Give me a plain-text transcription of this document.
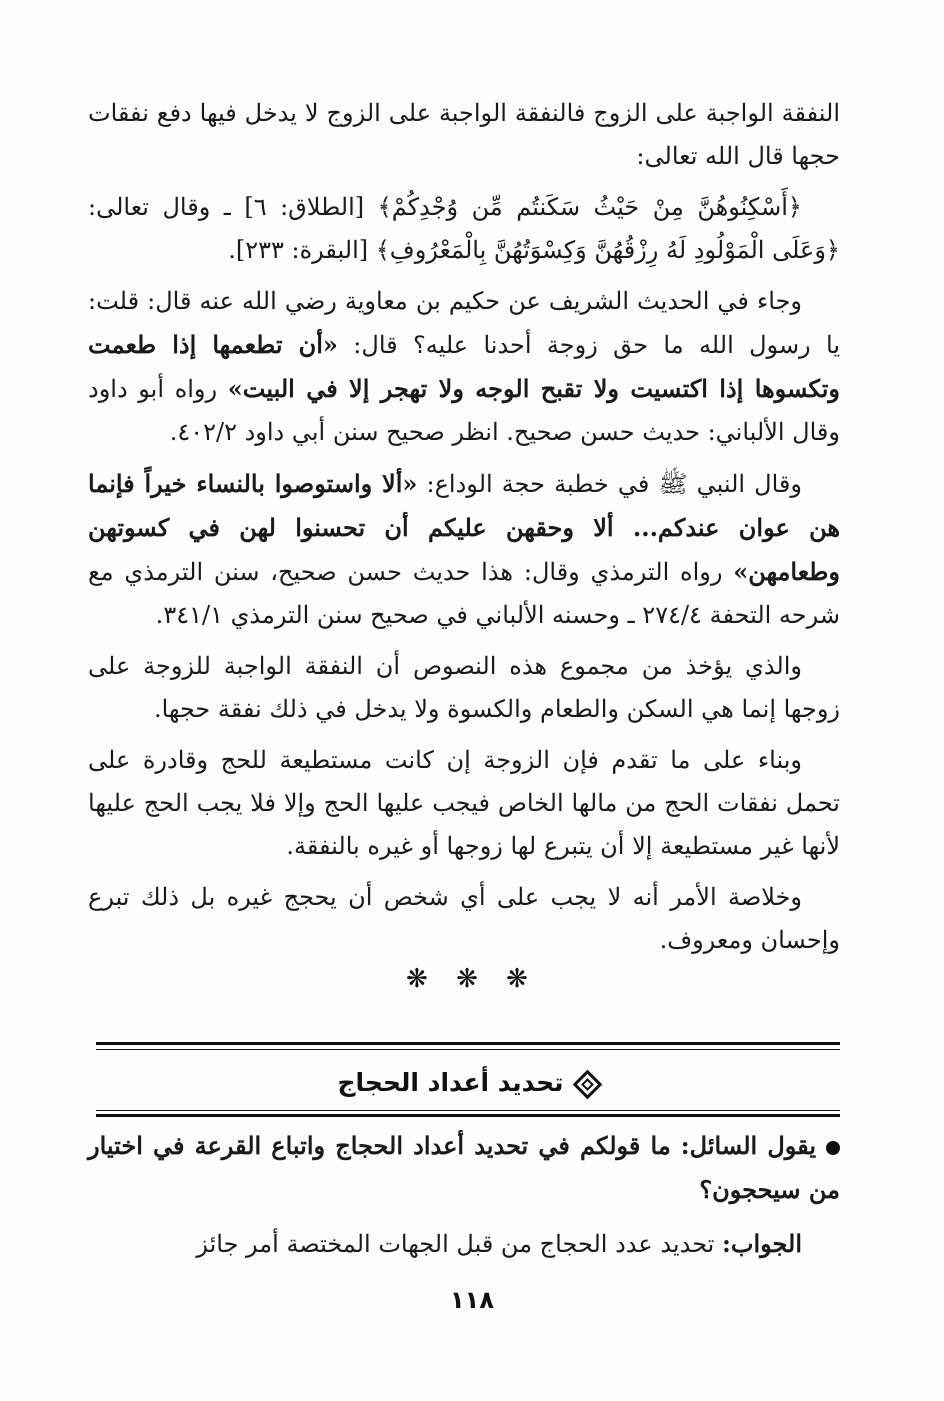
النفقة الواجبة على الزوج فالنفقة الواجبة على الزوج لا يدخل فيها دفع نفقات حجها قال الله تعالى:

﴿أَسْكِنُوهُنَّ مِنْ حَيْثُ سَكَنتُم مِّن وُجْدِكُمْ﴾ [الطلاق: ٦] ـ وقال تعالى: ﴿وَعَلَى الْمَوْلُودِ لَهُ رِزْقُهُنَّ وَكِسْوَتُهُنَّ بِالْمَعْرُوفِ﴾ [البقرة: ٢٣٣].

وجاء في الحديث الشريف عن حكيم بن معاوية رضي الله عنه قال: قلت: يا رسول الله ما حق زوجة أحدنا عليه؟ قال: «أن تطعمها إذا طعمت وتكسوها إذا اكتسيت ولا تقبح الوجه ولا تهجر إلا في البيت» رواه أبو داود وقال الألباني: حديث حسن صحيح. انظر صحيح سنن أبي داود ٤٠٢/٢.

وقال النبي ﷺ في خطبة حجة الوداع: «ألا واستوصوا بالنساء خيراً فإنما هن عوان عندكم... ألا وحقهن عليكم أن تحسنوا لهن في كسوتهن وطعامهن» رواه الترمذي وقال: هذا حديث حسن صحيح، سنن الترمذي مع شرحه التحفة ٢٧٤/٤ ـ وحسنه الألباني في صحيح سنن الترمذي ٣٤١/١.

والذي يؤخذ من مجموع هذه النصوص أن النفقة الواجبة للزوجة على زوجها إنما هي السكن والطعام والكسوة ولا يدخل في ذلك نفقة حجها.

وبناء على ما تقدم فإن الزوجة إن كانت مستطيعة للحج وقادرة على تحمل نفقات الحج من مالها الخاص فيجب عليها الحج وإلا فلا يجب الحج عليها لأنها غير مستطيعة إلا أن يتبرع لها زوجها أو غيره بالنفقة.

وخلاصة الأمر أنه لا يجب على أي شخص أن يحجج غيره بل ذلك تبرع وإحسان ومعروف.

❋ ❋ ❋
تحديد أعداد الحجاج

يقول السائل: ما قولكم في تحديد أعداد الحجاج واتباع القرعة في اختيار من سيحجون؟

الجواب: تحديد عدد الحجاج من قبل الجهات المختصة أمر جائز

١١٨
